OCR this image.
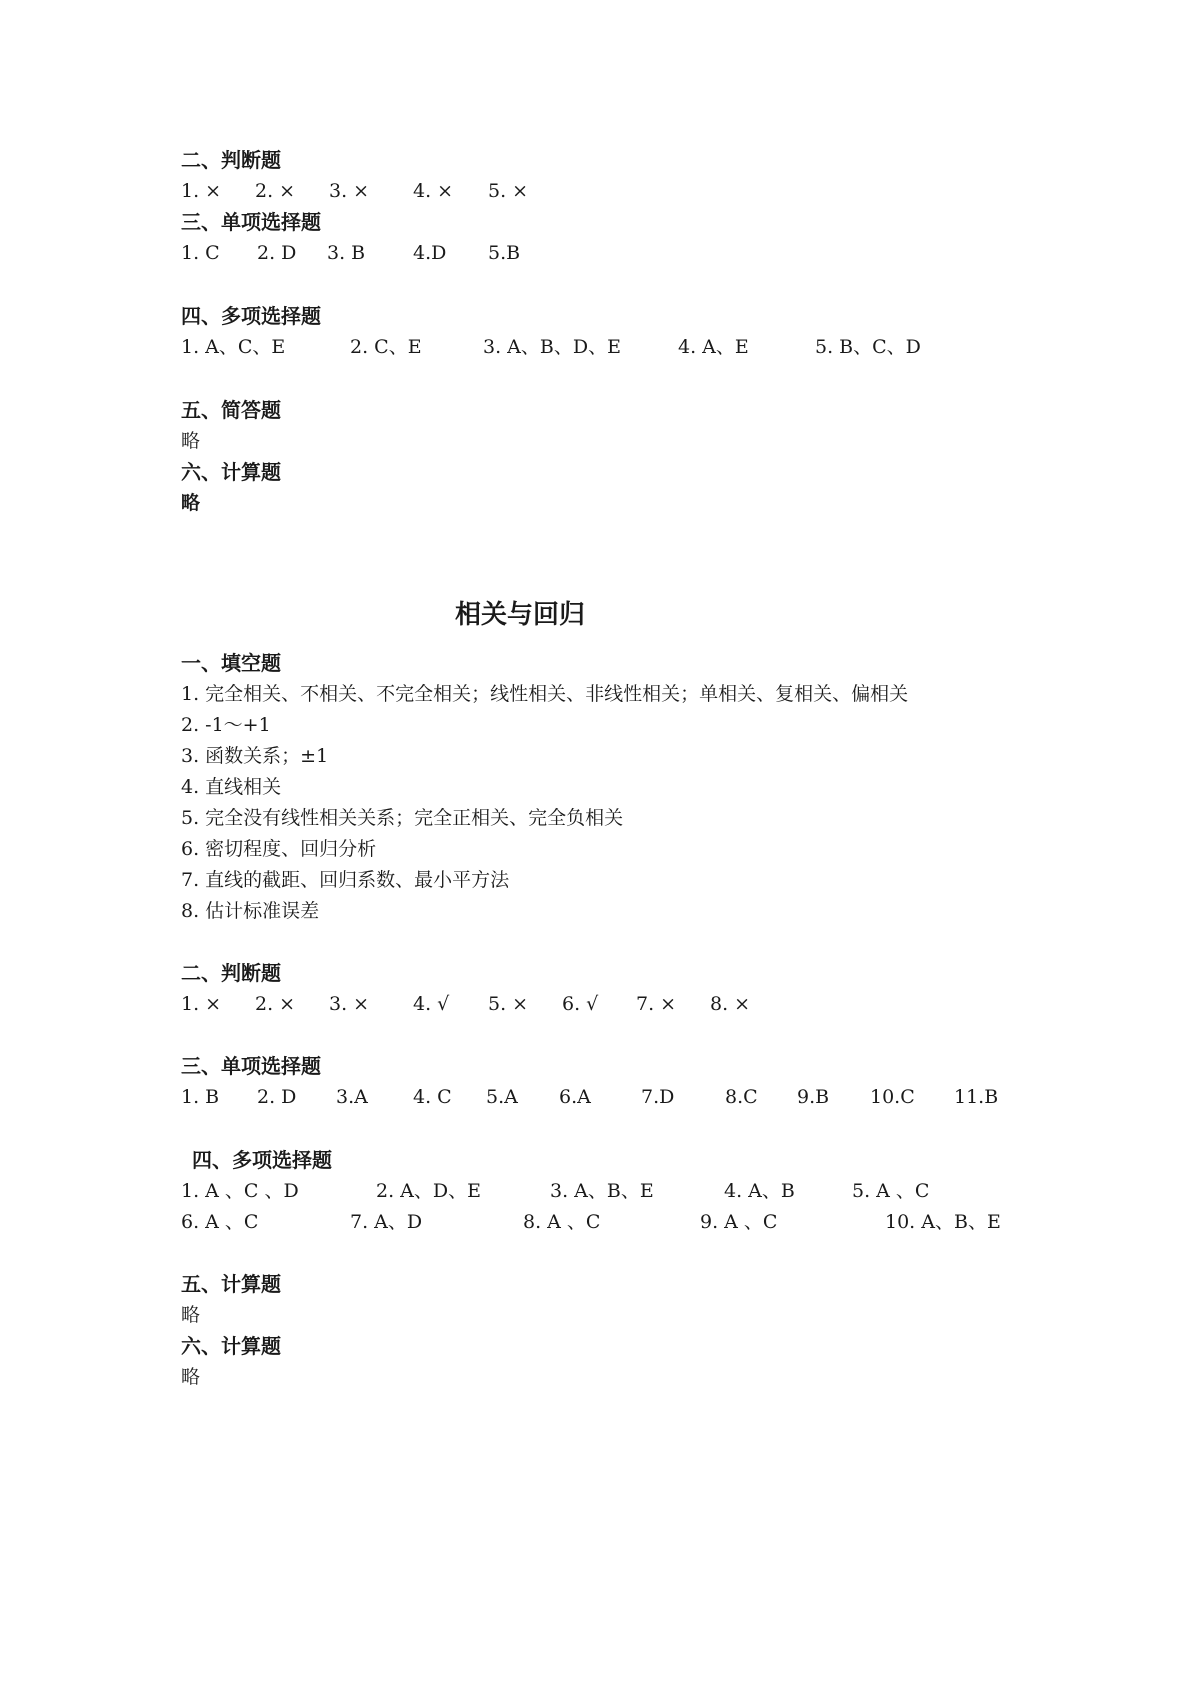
二、判断题
1. × 2. × 3. × 4. × 5. ×
三、单项选择题
1. C 2. D 3. B	4.D 5.B
四、多项选择题
1. A、C、E	2. C、E	3. A、B、D、E	4. A、E	5. B、C、D
五、简答题
略
六、计算题
略
相关与回归
一、填空题
1. 完全相关、不相关、不完全相关；线性相关、非线性相关；单相关、复相关、偏相关
2. -1～+1
3. 函数关系；±1
4. 直线相关
5. 完全没有线性相关关系；完全正相关、完全负相关
6. 密切程度、回归分析
7. 直线的截距、回归系数、最小平方法
8. 估计标准误差
二、判断题
1. × 2. × 3. × 4. √ 5. × 6. √ 7. × 8. ×
三、单项选择题
1. B 2. D 3.A 4. C 5.A 6.A	7.D	8.C 9.B 10.C 11.B
四、多项选择题
1. A 、C 、D	2. A、D、E	3. A、B、E	4. A、B	5. A 、C
6. A 、C	7. A、D	8. A 、C	9. A 、C	10. A、B、E
五、计算题
略
六、计算题
略
